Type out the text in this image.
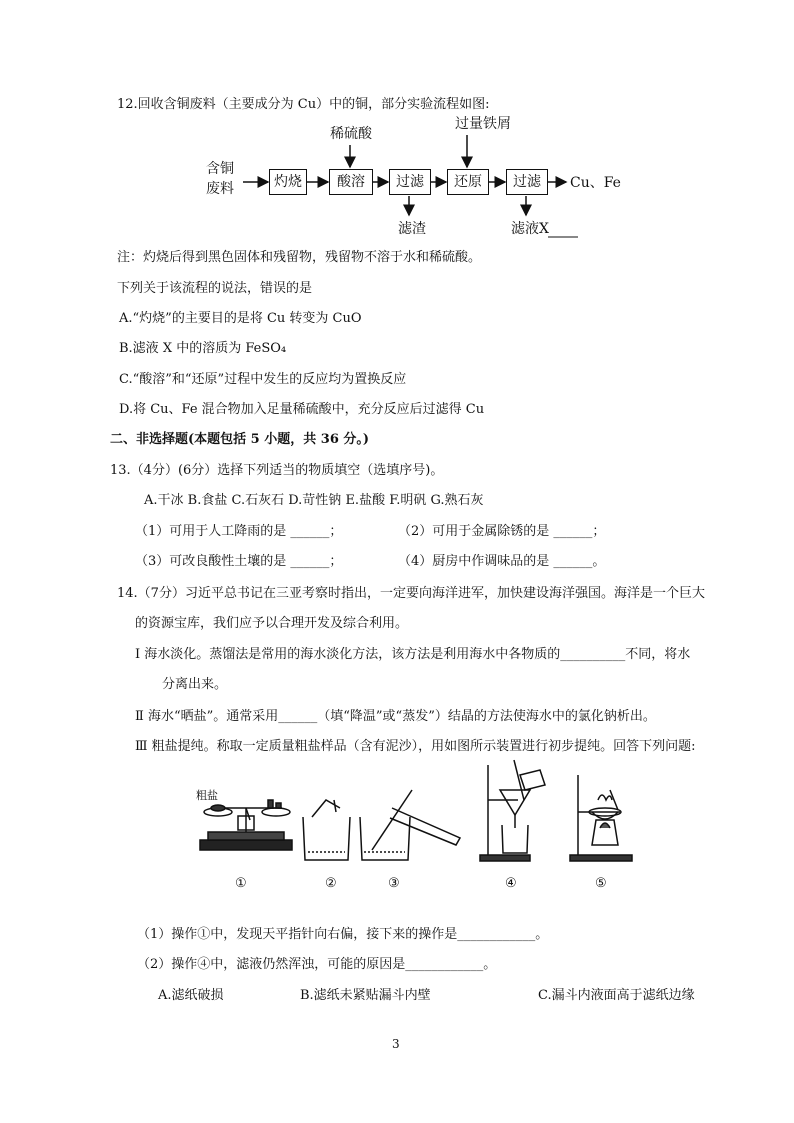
12.回收含铜废料（主要成分为 Cu）中的铜，部分实验流程如图:
含铜
废料	灼烧	酸溶	过滤	还原	过滤
稀硫酸
过量铁屑
滤渣	滤液X
Cu、Fe
注：灼烧后得到黑色固体和残留物，残留物不溶于水和稀硫酸。
下列关于该流程的说法，错误的是
A.“灼烧”的主要目的是将 Cu 转变为 CuO
B.滤液 X 中的溶质为 FeSO₄
C.“酸溶”和“还原”过程中发生的反应均为置换反应
D.将 Cu、Fe 混合物加入足量稀硫酸中，充分反应后过滤得 Cu
二、非选择题(本题包括 5 小题，共 36 分。)
13.（4分）(6分）选择下列适当的物质填空（选填序号)。
A.干冰 B.食盐 C.石灰石 D.苛性钠 E.盐酸 F.明矾 G.熟石灰
（1）可用于人工降雨的是 ______；	（2）可用于金属除锈的是 ______；
（3）可改良酸性土壤的是 ______；	（4）厨房中作调味品的是 ______。
14.（7分）习近平总书记在三亚考察时指出，一定要向海洋进军，加快建设海洋强国。海洋是一个巨大
的资源宝库，我们应予以合理开发及综合利用。
Ⅰ 海水淡化。蒸馏法是常用的海水淡化方法，该方法是利用海水中各物质的__________不同，将水
分离出来。
Ⅱ 海水“晒盐”。通常采用______（填“降温”或“蒸发”）结晶的方法使海水中的氯化钠析出。
Ⅲ 粗盐提纯。称取一定质量粗盐样品（含有泥沙），用如图所示装置进行初步提纯。回答下列问题:
粗盐
①	②	③	④	⑤
（1）操作①中，发现天平指针向右偏，接下来的操作是____________。
（2）操作④中，滤液仍然浑浊，可能的原因是____________。
A.滤纸破损	B.滤纸未紧贴漏斗内壁	C.漏斗内液面高于滤纸边缘
3
